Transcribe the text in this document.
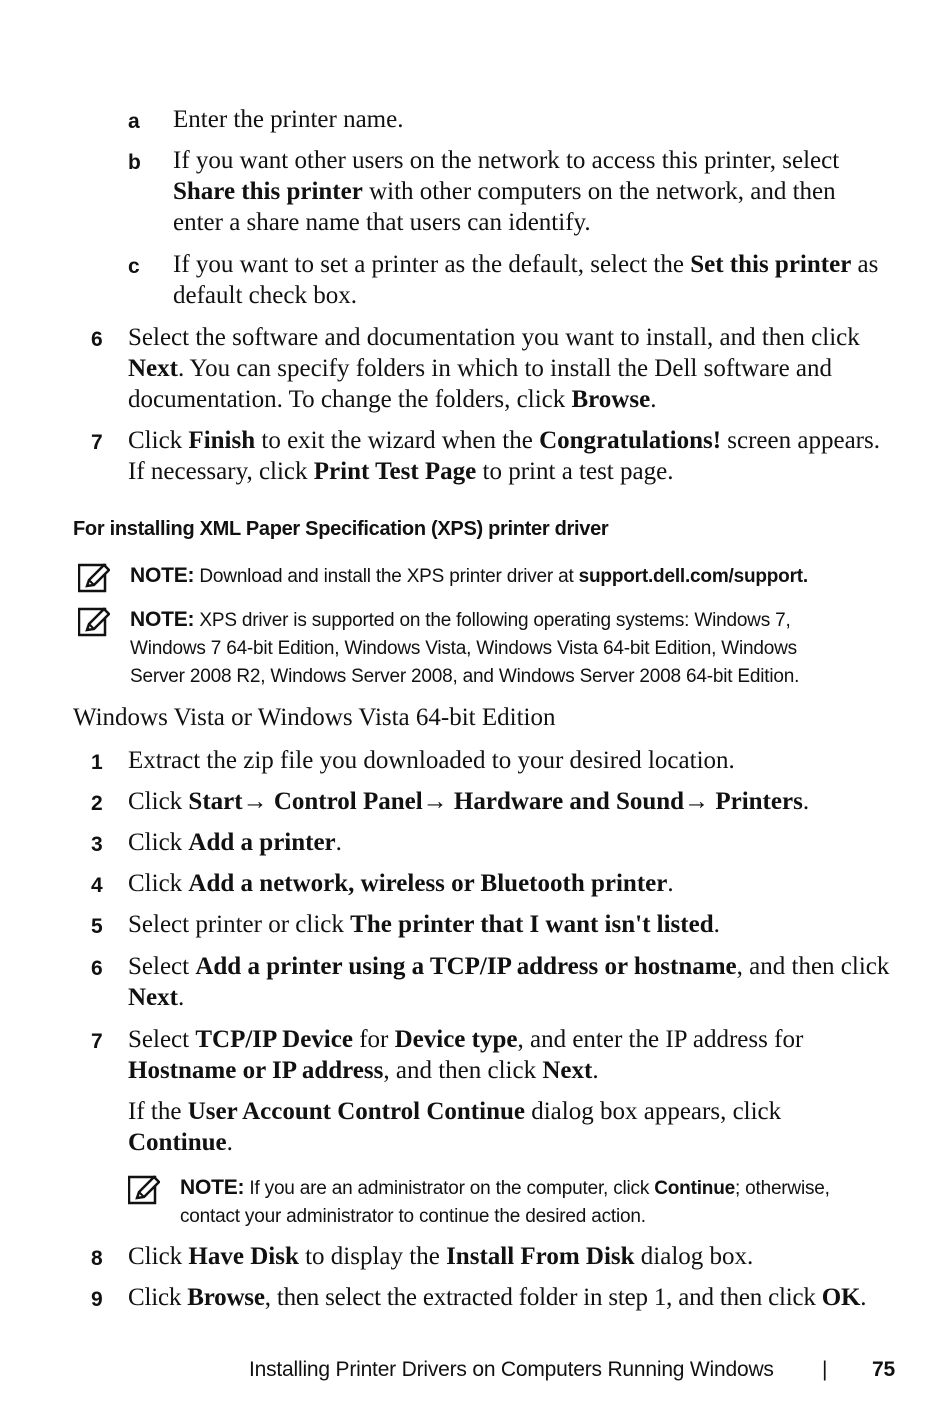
a Enter the printer name.
b If you want other users on the network to access this printer, select
Share this printer with other computers on the network, and then
enter a share name that users can identify.
c If you want to set a printer as the default, select the Set this printer as
default check box.
6 Select the software and documentation you want to install, and then click
Next. You can specify folders in which to install the Dell software and
documentation. To change the folders, click Browse.
7 Click Finish to exit the wizard when the Congratulations! screen appears.
If necessary, click Print Test Page to print a test page.
For installing XML Paper Specification (XPS) printer driver
NOTE: Download and install the XPS printer driver at support.dell.com/support.
NOTE: XPS driver is supported on the following operating systems: Windows 7,
Windows 7 64-bit Edition, Windows Vista, Windows Vista 64-bit Edition, Windows
Server 2008 R2, Windows Server 2008, and Windows Server 2008 64-bit Edition.
Windows Vista or Windows Vista 64-bit Edition
1 Extract the zip file you downloaded to your desired location.
2 Click Start→ Control Panel→ Hardware and Sound→ Printers.
3 Click Add a printer.
4 Click Add a network, wireless or Bluetooth printer.
5 Select printer or click The printer that I want isn't listed.
6 Select Add a printer using a TCP/IP address or hostname, and then click
Next.
7 Select TCP/IP Device for Device type, and enter the IP address for
Hostname or IP address, and then click Next.
If the User Account Control Continue dialog box appears, click
Continue.
NOTE: If you are an administrator on the computer, click Continue; otherwise,
contact your administrator to continue the desired action.
8 Click Have Disk to display the Install From Disk dialog box.
9 Click Browse, then select the extracted folder in step 1, and then click OK.
Installing Printer Drivers on Computers Running Windows | 75
